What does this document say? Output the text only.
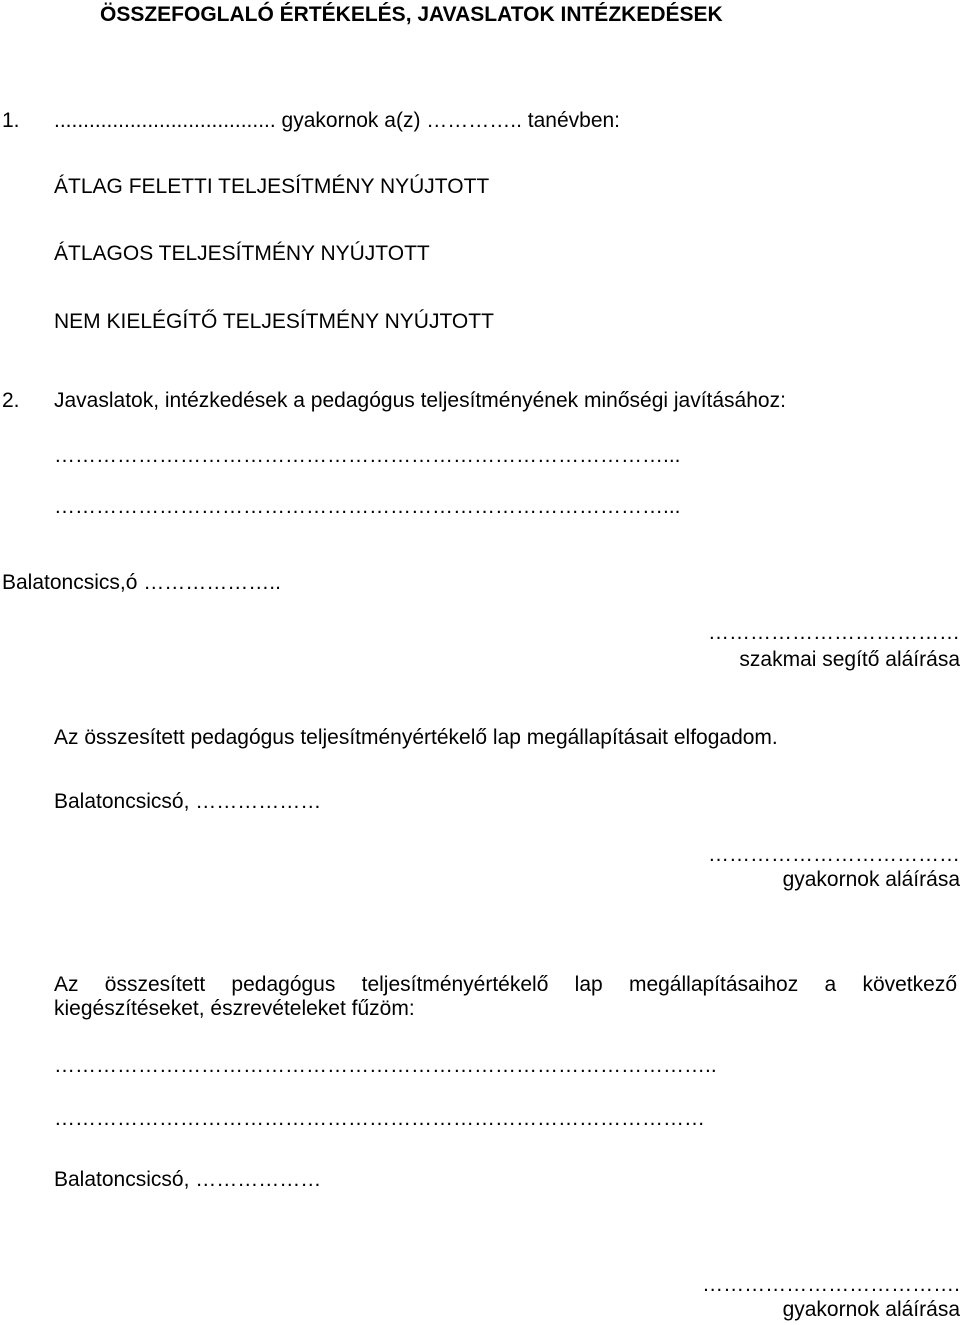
ÖSSZEFOGLALÓ ÉRTÉKELÉS, JAVASLATOK INTÉZKEDÉSEK
1. ...................................... gyakornok a(z) ………….. tanévben:
ÁTLAG FELETTI TELJESÍTMÉNY NYÚJTOTT
ÁTLAGOS TELJESÍTMÉNY NYÚJTOTT
NEM KIELÉGÍTŐ TELJESÍTMÉNY NYÚJTOTT
2. Javaslatok, intézkedések a pedagógus teljesítményének minőségi javításához:
……………………………………………………………………………...
……………………………………………………………………………...
Balatoncsics,ó ………………..
………………………………
szakmai segítő aláírása
Az összesített pedagógus teljesítményértékelő lap megállapításait elfogadom.
Balatoncsicsó, ………………
………………………………
gyakornok aláírása
Az összesített pedagógus teljesítményértékelő lap megállapításaihoz a következő kiegészítéseket, észrevételeket fűzöm:
…………………………………………………………………………………..
…………………………………………………………………………………
Balatoncsicsó, ………………
……………………………….
gyakornok aláírása
